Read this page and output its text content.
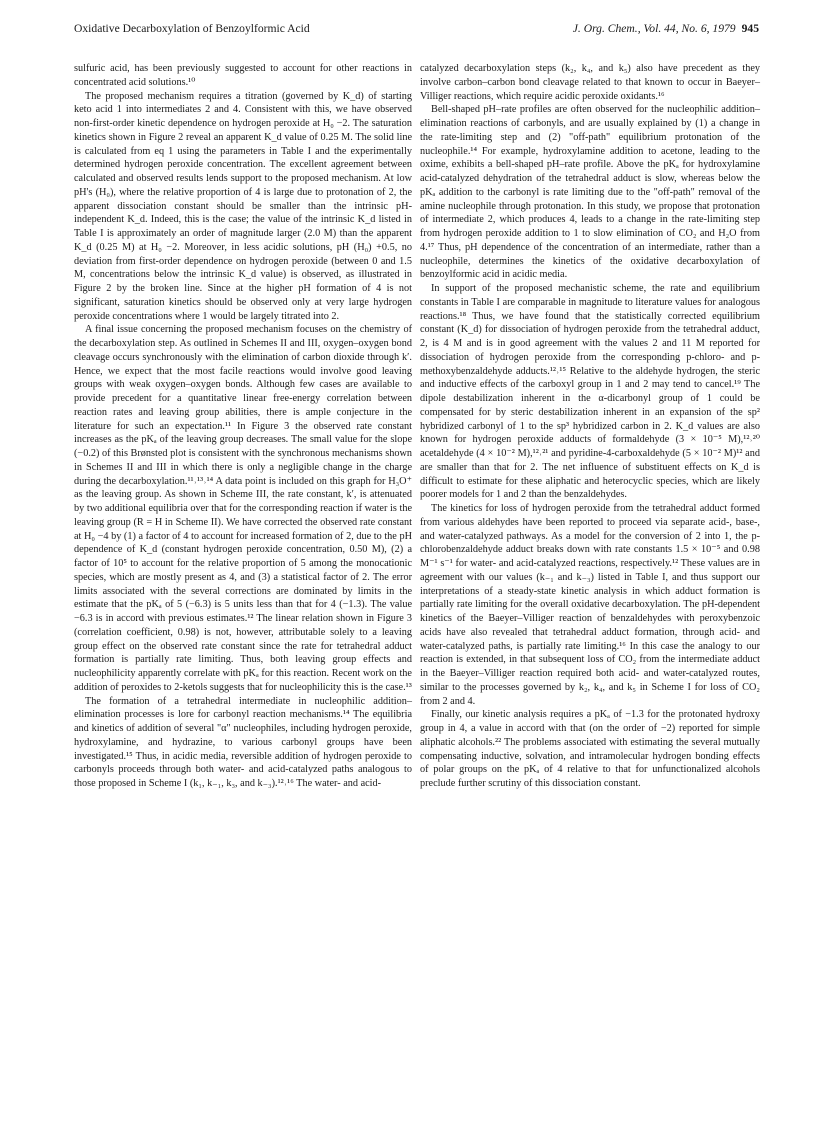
Oxidative Decarboxylation of Benzoylformic Acid	J. Org. Chem., Vol. 44, No. 6, 1979 945

sulfuric acid, has been previously suggested to account for other reactions in concentrated acid solutions.¹⁰

The proposed mechanism requires a titration (governed by K_d) of starting keto acid 1 into intermediates 2 and 4. Consistent with this, we have observed non-first-order kinetic dependence on hydrogen peroxide at H₀ −2. The saturation kinetics shown in Figure 2 reveal an apparent K_d value of 0.25 M. The solid line is calculated from eq 1 using the parameters in Table I and the experimentally determined hydrogen peroxide concentration. The excellent agreement between calculated and observed results lends support to the proposed mechanism. At low pH's (H₀), where the relative proportion of 4 is large due to protonation of 2, the apparent dissociation constant should be smaller than the intrinsic pH-independent K_d. Indeed, this is the case; the value of the intrinsic K_d listed in Table I is approximately an order of magnitude larger (2.0 M) than the apparent K_d (0.25 M) at H₀ −2. Moreover, in less acidic solutions, pH (H₀) +0.5, no deviation from first-order dependence on hydrogen peroxide (between 0 and 1.5 M, concentrations below the intrinsic K_d value) is observed, as illustrated in Figure 2 by the broken line. Since at the higher pH formation of 4 is not significant, saturation kinetics should be observed only at very large hydrogen peroxide concentrations where 1 would be largely titrated into 2.

A final issue concerning the proposed mechanism focuses on the chemistry of the decarboxylation step. As outlined in Schemes II and III, oxygen–oxygen bond cleavage occurs synchronously with the elimination of carbon dioxide through k′. Hence, we expect that the most facile reactions would involve good leaving groups with weak oxygen–oxygen bonds. Although few cases are available to provide precedent for a quantitative linear free-energy correlation between reaction rates and leaving group abilities, there is ample conjecture in the literature for such an expectation.¹¹ In Figure 3 the observed rate constant increases as the pKₐ of the leaving group decreases. The small value for the slope (−0.2) of this Brønsted plot is consistent with the synchronous mechanisms shown in Schemes II and III in which there is only a negligible change in the charge during the decarboxylation.¹¹˒¹³˒¹⁴ A data point is included on this graph for H₃O⁺ as the leaving group. As shown in Scheme III, the rate constant, k′, is attenuated by two additional equilibria over that for the corresponding reaction if water is the leaving group (R = H in Scheme II). We have corrected the observed rate constant at H₀ −4 by (1) a factor of 4 to account for increased formation of 2, due to the pH dependence of K_d (constant hydrogen peroxide concentration, 0.50 M), (2) a factor of 10⁵ to account for the relative proportion of 5 among the monocationic species, which are mostly present as 4, and (3) a statistical factor of 2. The error limits associated with the several corrections are dominated by limits in the estimate that the pKₐ of 5 (−6.3) is 5 units less than that for 4 (−1.3). The value −6.3 is in accord with previous estimates.¹² The linear relation shown in Figure 3 (correlation coefficient, 0.98) is not, however, attributable solely to a leaving group effect on the observed rate constant since the rate for tetrahedral adduct formation is partially rate limiting. Thus, both leaving group effects and nucleophilicity apparently correlate with pKₐ for this reaction. Recent work on the addition of peroxides to 2-ketols suggests that for nucleophilicity this is the case.¹³

The formation of a tetrahedral intermediate in nucleophilic addition–elimination processes is lore for carbonyl reaction mechanisms.¹⁴ The equilibria and kinetics of addition of several "α" nucleophiles, including hydrogen peroxide, hydroxylamine, and hydrazine, to various carbonyl groups have been investigated.¹⁵ Thus, in acidic media, reversible addition of hydrogen peroxide to carbonyls proceeds through both water- and acid-catalyzed paths analogous to those proposed in Scheme I (k₁, k₋₁, k₃, and k₋₃).¹²˒¹⁶ The water- and acid-

catalyzed decarboxylation steps (k₂, k₄, and k₅) also have precedent as they involve carbon–carbon bond cleavage related to that known to occur in Baeyer–Villiger reactions, which require acidic peroxide oxidants.¹⁶

Bell-shaped pH–rate profiles are often observed for the nucleophilic addition–elimination reactions of carbonyls, and are usually explained by (1) a change in the rate-limiting step and (2) "off-path" equilibrium protonation of the nucleophile.¹⁴ For example, hydroxylamine addition to acetone, leading to the oxime, exhibits a bell-shaped pH–rate profile. Above the pKₐ for hydroxylamine acid-catalyzed dehydration of the tetrahedral adduct is slow, whereas below the pKₐ addition to the carbonyl is rate limiting due to the "off-path" removal of the amine nucleophile through protonation. In this study, we propose that protonation of intermediate 2, which produces 4, leads to a change in the rate-limiting step from hydrogen peroxide addition to 1 to slow elimination of CO₂ and H₂O from 4.¹⁷ Thus, pH dependence of the concentration of an intermediate, rather than a nucleophile, determines the kinetics of the oxidative decarboxylation of benzoylformic acid in acidic media.

In support of the proposed mechanistic scheme, the rate and equilibrium constants in Table I are comparable in magnitude to literature values for analogous reactions.¹⁸ Thus, we have found that the statistically corrected equilibrium constant (K_d) for dissociation of hydrogen peroxide from the tetrahedral adduct, 2, is 4 M and is in good agreement with the values 2 and 11 M reported for dissociation of hydrogen peroxide from the corresponding p-chloro- and p-methoxybenzaldehyde adducts.¹²˒¹⁵ Relative to the aldehyde hydrogen, the steric and inductive effects of the carboxyl group in 1 and 2 may tend to cancel.¹⁹ The dipole destabilization inherent in the α-dicarbonyl group of 1 could be compensated for by steric destabilization inherent in an expansion of the sp² hybridized carbonyl of 1 to the sp³ hybridized carbon in 2. K_d values are also known for hydrogen peroxide adducts of formaldehyde (3 × 10⁻⁵ M),¹²˒²⁰ acetaldehyde (4 × 10⁻² M),¹²˒²¹ and pyridine-4-carboxaldehyde (5 × 10⁻² M)¹² and are smaller than that for 2. The net influence of substituent effects on K_d is difficult to estimate for these aliphatic and heterocyclic species, which are likely poorer models for 1 and 2 than the benzaldehydes.

The kinetics for loss of hydrogen peroxide from the tetrahedral adduct formed from various aldehydes have been reported to proceed via separate acid-, base-, and water-catalyzed pathways. As a model for the conversion of 2 into 1, the p-chlorobenzaldehyde adduct breaks down with rate constants 1.5 × 10⁻⁵ and 0.98 M⁻¹ s⁻¹ for water- and acid-catalyzed reactions, respectively.¹² These values are in agreement with our values (k₋₁ and k₋₃) listed in Table I, and thus support our interpretations of a steady-state kinetic analysis in which adduct formation is partially rate limiting for the overall oxidative decarboxylation. The pH-dependent kinetics of the Baeyer–Villiger reaction of benzaldehydes with peroxybenzoic acids have also revealed that tetrahedral adduct formation, through acid- and water-catalyzed paths, is partially rate limiting.¹⁶ In this case the analogy to our reaction is extended, in that subsequent loss of CO₂ from the intermediate adduct in the Baeyer–Villiger reaction required both acid- and water-catalyzed routes, similar to the processes governed by k₂, k₄, and k₅ in Scheme I for loss of CO₂ from 2 and 4.

Finally, our kinetic analysis requires a pKₐ of −1.3 for the protonated hydroxy group in 4, a value in accord with that (on the order of −2) reported for simple aliphatic alcohols.²² The problems associated with estimating the several mutually compensating inductive, solvation, and intramolecular hydrogen bonding effects of polar groups on the pKₐ of 4 relative to that for unfunctionalized alcohols preclude further scrutiny of this dissociation constant.
